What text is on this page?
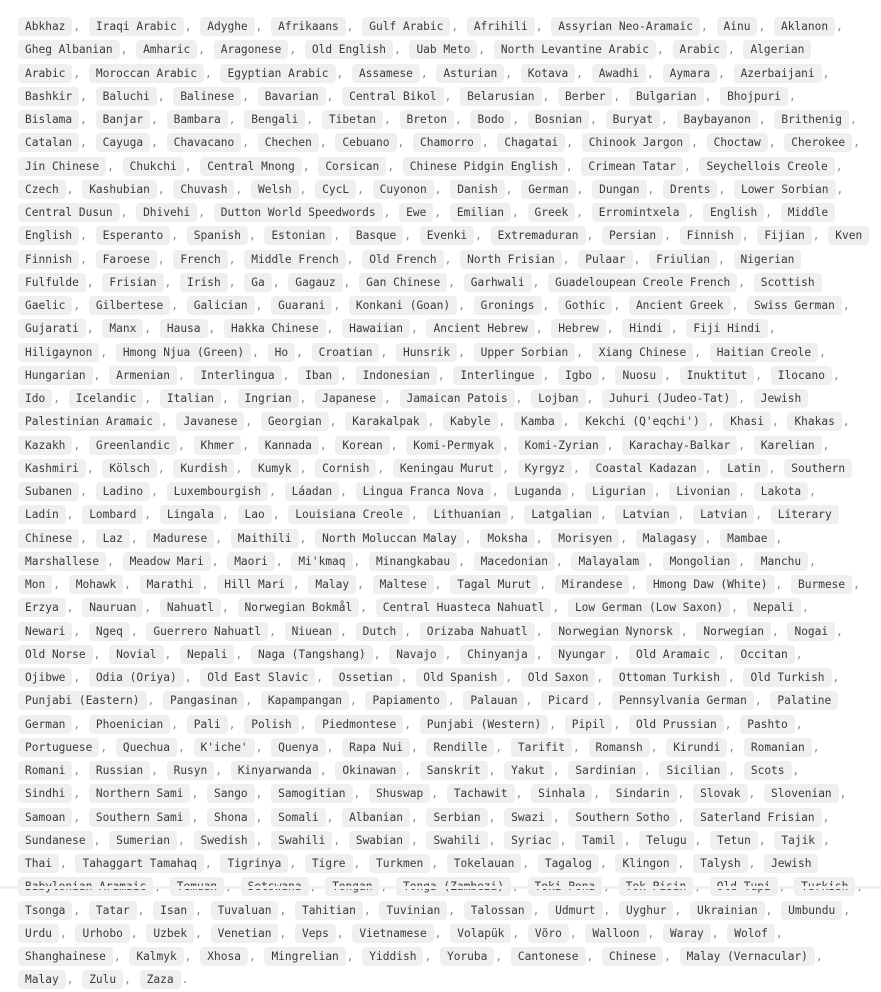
Abkhaz , Iraqi Arabic , Adyghe , Afrikaans , Gulf Arabic , Afrihili , Assyrian Neo-Aramaic , Ainu , Aklanon , Gheg Albanian , Amharic , Aragonese , Old English , Uab Meto , North Levantine Arabic , Arabic , Algerian Arabic , Moroccan Arabic , Egyptian Arabic , Assamese , Asturian , Kotava , Awadhi , Aymara , Azerbaijani , Bashkir , Baluchi , Balinese , Bavarian , Central Bikol , Belarusian , Berber , Bulgarian , Bhojpuri , Bislama , Banjar , Bambara , Bengali , Tibetan , Breton , Bodo , Bosnian , Buryat , Baybayanon , Brithenig , Catalan , Cayuga , Chavacano , Chechen , Cebuano , Chamorro , Chagatai , Chinook Jargon , Choctaw , Cherokee , Jin Chinese , Chukchi , Central Mnong , Corsican , Chinese Pidgin English , Crimean Tatar , Seychellois Creole , Czech , Kashubian , Chuvash , Welsh , CycL , Cuyonon , Danish , German , Dungan , Drents , Lower Sorbian , Central Dusun , Dhivehi , Dutton World Speedwords , Ewe , Emilian , Greek , Erromintxela , English , Middle English , Esperanto , Spanish , Estonian , Basque , Evenki , Extremaduran , Persian , Finnish , Fijian , Kven Finnish , Faroese , French , Middle French , Old French , North Frisian , Pulaar , Friulian , Nigerian Fulfulde , Frisian , Irish , Ga , Gagauz , Gan Chinese , Garhwali , Guadeloupean Creole French , Scottish Gaelic , Gilbertese , Galician , Guarani , Konkani (Goan) , Gronings , Gothic , Ancient Greek , Swiss German , Gujarati , Manx , Hausa , Hakka Chinese , Hawaiian , Ancient Hebrew , Hebrew , Hindi , Fiji Hindi , Hiligaynon , Hmong Njua (Green) , Ho , Croatian , Hunsrik , Upper Sorbian , Xiang Chinese , Haitian Creole , Hungarian , Armenian , Interlingua , Iban , Indonesian , Interlingue , Igbo , Nuosu , Inuktitut , Ilocano , Ido , Icelandic , Italian , Ingrian , Japanese , Jamaican Patois , Lojban , Juhuri (Judeo-Tat) , Jewish Palestinian Aramaic , Javanese , Georgian , Karakalpak , Kabyle , Kamba , Kekchi (Q'eqchi') , Khasi , Khakas , Kazakh , Greenlandic , Khmer , Kannada , Korean , Komi-Permyak , Komi-Zyrian , Karachay-Balkar , Karelian , Kashmiri , Kölsch , Kurdish , Kumyk , Cornish , Keningau Murut , Kyrgyz , Coastal Kadazan , Latin , Southern Subanen , Ladino , Luxembourgish , Láadan , Lingua Franca Nova , Luganda , Ligurian , Livonian , Lakota , Ladin , Lombard , Lingala , Lao , Louisiana Creole , Lithuanian , Latgalian , Latvian , Latvian , Literary Chinese , Laz , Madurese , Maithili , North Moluccan Malay , Moksha , Morisyen , Malagasy , Mambae , Marshallese , Meadow Mari , Maori , Mi'kmaq , Minangkabau , Macedonian , Malayalam , Mongolian , Manchu , Mon , Mohawk , Marathi , Hill Mari , Malay , Maltese , Tagal Murut , Mirandese , Hmong Daw (White) , Burmese , Erzya , Nauruan , Nahuatl , Norwegian Bokmål , Central Huasteca Nahuatl , Low German (Low Saxon) , Nepali , Newari , Ngeq , Guerrero Nahuatl , Niuean , Dutch , Orizaba Nahuatl , Norwegian Nynorsk , Norwegian , Nogai , Old Norse , Novial , Nepali , Naga (Tangshang) , Navajo , Chinyanja , Nyungar , Old Aramaic , Occitan , Ojibwe , Odia (Oriya) , Old East Slavic , Ossetian , Old Spanish , Old Saxon , Ottoman Turkish , Old Turkish , Punjabi (Eastern) , Pangasinan , Kapampangan , Papiamento , Palauan , Picard , Pennsylvania German , Palatine German , Phoenician , Pali , Polish , Piedmontese , Punjabi (Western) , Pipil , Old Prussian , Pashto , Portuguese , Quechua , K'iche' , Quenya , Rapa Nui , Rendille , Tarifit , Romansh , Kirundi , Romanian , Romani , Russian , Rusyn , Kinyarwanda , Okinawan , Sanskrit , Yakut , Sardinian , Sicilian , Scots , Sindhi , Northern Sami , Sango , Samogitian , Shuswap , Tachawit , Sinhala , Sindarin , Slovak , Slovenian , Samoan , Southern Sami , Shona , Somali , Albanian , Serbian , Swazi , Southern Sotho , Saterland Frisian , Sundanese , Sumerian , Swedish , Swahili , Swabian , Swahili , Syriac , Tamil , Telugu , Tetun , Tajik , Thai , Tahaggart Tamahaq , Tigrinya , Tigre , Turkmen , Tokelauan , Tagalog , Klingon , Talysh , Jewish Tsonga , Tatar , Isan , Tuvaluan , Tahitian , Tuvinian , Talossan , Udmurt , Uyghur , Ukrainian , Umbundu , Urdu , Urhobo , Uzbek , Venetian , Veps , Vietnamese , Volapük , Võro , Walloon , Waray , Wolof , Shanghainese , Kalmyk , Xhosa , Mingrelian , Yiddish , Yoruba , Cantonese , Chinese , Malay (Vernacular) , Malay , Zulu , Zaza .
